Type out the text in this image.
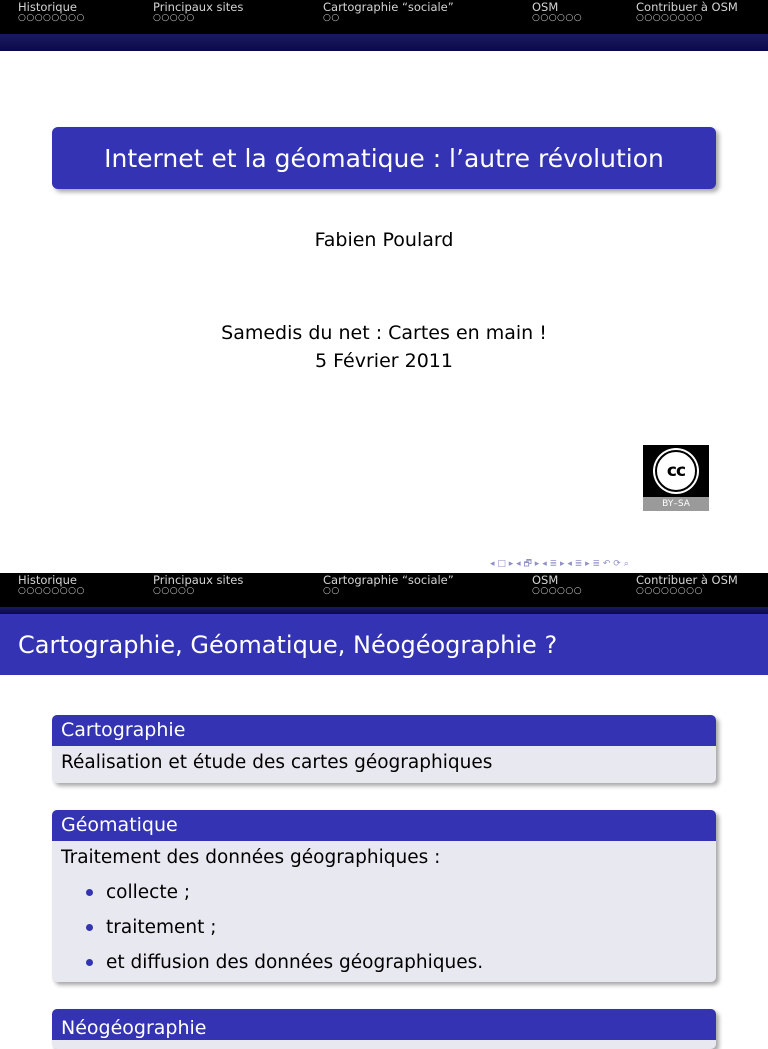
Historique
○○○○○○○○
Principaux sites
○○○○○
Cartographie “sociale”
○○
OSM
○○○○○○
Contribuer à OSM
○○○○○○○○
Internet et la géomatique : l’autre révolution
Fabien Poulard
Samedis du net : Cartes en main !
5 Février 2011
cc
BY–SA
◂ □ ▸ ◂ 🗗 ▸ ◂ ≣ ▸ ◂ ≣ ▸ ≣ ↶ ⟳ ⌕
Historique
○○○○○○○○
Principaux sites
○○○○○
Cartographie “sociale”
○○
OSM
○○○○○○
Contribuer à OSM
○○○○○○○○
Cartographie, Géomatique, Néogéographie ?
Cartographie
Réalisation et étude des cartes géographiques
Géomatique
Traitement des données géographiques :
collecte ;
traitement ;
et diffusion des données géographiques.
Néogéographie
